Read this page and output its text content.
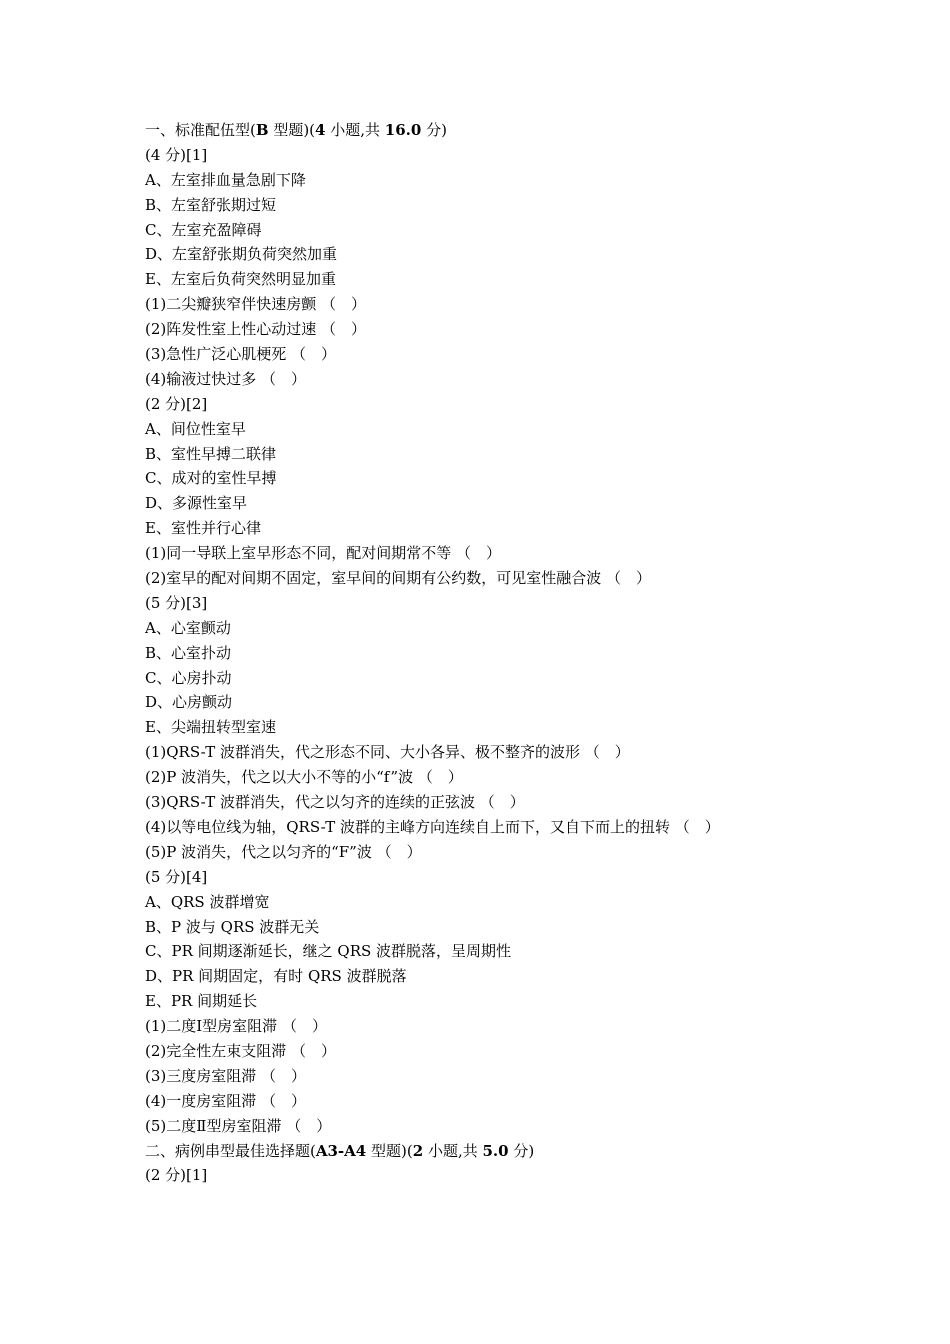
一、标准配伍型(B 型题)(4 小题,共 16.0 分)
(4 分)[1]
A、左室排血量急剧下降
B、左室舒张期过短
C、左室充盈障碍
D、左室舒张期负荷突然加重
E、左室后负荷突然明显加重
(1)二尖瓣狭窄伴快速房颤 （　）
(2)阵发性室上性心动过速 （　）
(3)急性广泛心肌梗死 （　）
(4)输液过快过多 （　）
(2 分)[2]
A、间位性室早
B、室性早搏二联律
C、成对的室性早搏
D、多源性室早
E、室性并行心律
(1)同一导联上室早形态不同，配对间期常不等 （　）
(2)室早的配对间期不固定，室早间的间期有公约数，可见室性融合波 （　）
(5 分)[3]
A、心室颤动
B、心室扑动
C、心房扑动
D、心房颤动
E、尖端扭转型室速
(1)QRS-T 波群消失，代之形态不同、大小各异、极不整齐的波形 （　）
(2)P 波消失，代之以大小不等的小“f”波 （　）
(3)QRS-T 波群消失，代之以匀齐的连续的正弦波 （　）
(4)以等电位线为轴，QRS-T 波群的主峰方向连续自上而下，又自下而上的扭转 （　）
(5)P 波消失，代之以匀齐的“F”波 （　）
(5 分)[4]
A、QRS 波群增宽
B、P 波与 QRS 波群无关
C、PR 间期逐渐延长，继之 QRS 波群脱落，呈周期性
D、PR 间期固定，有时 QRS 波群脱落
E、PR 间期延长
(1)二度Ⅰ型房室阻滞 （　）
(2)完全性左束支阻滞 （　）
(3)三度房室阻滞 （　）
(4)一度房室阻滞 （　）
(5)二度Ⅱ型房室阻滞 （　）
二、病例串型最佳选择题(A3-A4 型题)(2 小题,共 5.0 分)
(2 分)[1]
